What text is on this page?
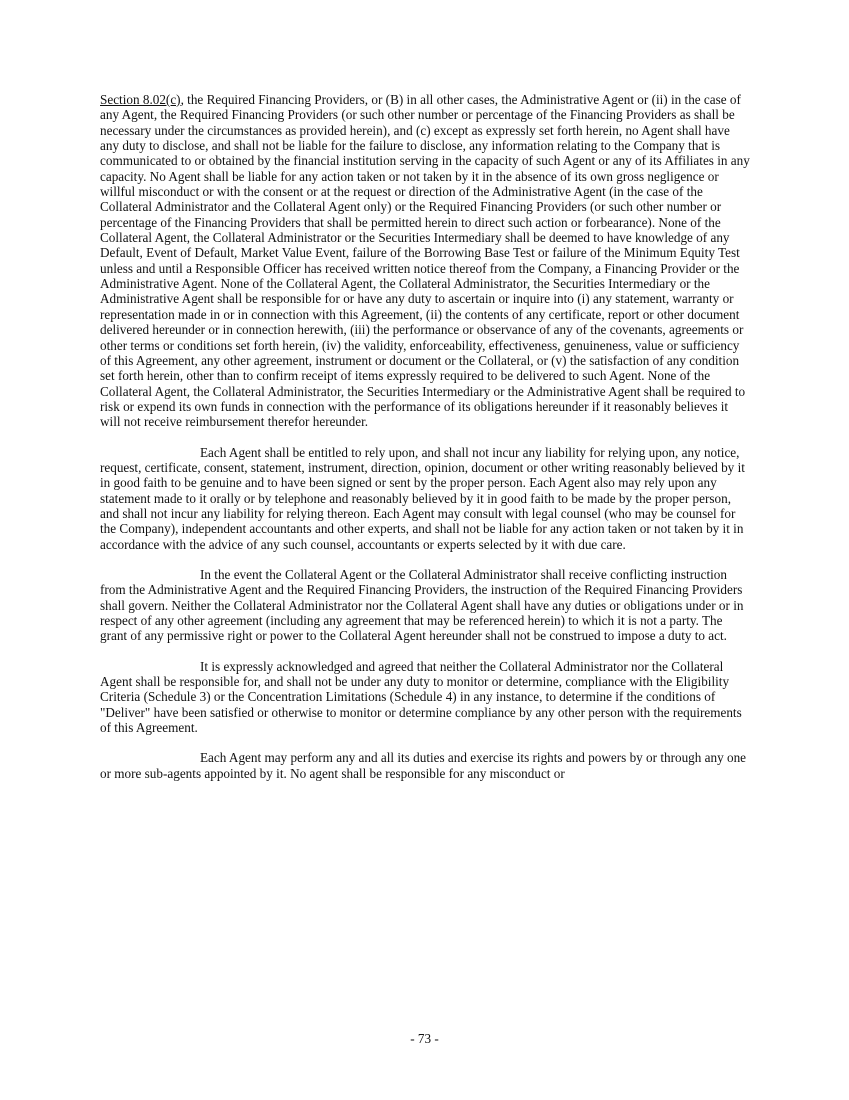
Section 8.02(c), the Required Financing Providers, or (B) in all other cases, the Administrative Agent or (ii) in the case of any Agent, the Required Financing Providers (or such other number or percentage of the Financing Providers as shall be necessary under the circumstances as provided herein), and (c) except as expressly set forth herein, no Agent shall have any duty to disclose, and shall not be liable for the failure to disclose, any information relating to the Company that is communicated to or obtained by the financial institution serving in the capacity of such Agent or any of its Affiliates in any capacity. No Agent shall be liable for any action taken or not taken by it in the absence of its own gross negligence or willful misconduct or with the consent or at the request or direction of the Administrative Agent (in the case of the Collateral Administrator and the Collateral Agent only) or the Required Financing Providers (or such other number or percentage of the Financing Providers that shall be permitted herein to direct such action or forbearance). None of the Collateral Agent, the Collateral Administrator or the Securities Intermediary shall be deemed to have knowledge of any Default, Event of Default, Market Value Event, failure of the Borrowing Base Test or failure of the Minimum Equity Test unless and until a Responsible Officer has received written notice thereof from the Company, a Financing Provider or the Administrative Agent. None of the Collateral Agent, the Collateral Administrator, the Securities Intermediary or the Administrative Agent shall be responsible for or have any duty to ascertain or inquire into (i) any statement, warranty or representation made in or in connection with this Agreement, (ii) the contents of any certificate, report or other document delivered hereunder or in connection herewith, (iii) the performance or observance of any of the covenants, agreements or other terms or conditions set forth herein, (iv) the validity, enforceability, effectiveness, genuineness, value or sufficiency of this Agreement, any other agreement, instrument or document or the Collateral, or (v) the satisfaction of any condition set forth herein, other than to confirm receipt of items expressly required to be delivered to such Agent. None of the Collateral Agent, the Collateral Administrator, the Securities Intermediary or the Administrative Agent shall be required to risk or expend its own funds in connection with the performance of its obligations hereunder if it reasonably believes it will not receive reimbursement therefor hereunder.

Each Agent shall be entitled to rely upon, and shall not incur any liability for relying upon, any notice, request, certificate, consent, statement, instrument, direction, opinion, document or other writing reasonably believed by it in good faith to be genuine and to have been signed or sent by the proper person. Each Agent also may rely upon any statement made to it orally or by telephone and reasonably believed by it in good faith to be made by the proper person, and shall not incur any liability for relying thereon. Each Agent may consult with legal counsel (who may be counsel for the Company), independent accountants and other experts, and shall not be liable for any action taken or not taken by it in accordance with the advice of any such counsel, accountants or experts selected by it with due care.

In the event the Collateral Agent or the Collateral Administrator shall receive conflicting instruction from the Administrative Agent and the Required Financing Providers, the instruction of the Required Financing Providers shall govern. Neither the Collateral Administrator nor the Collateral Agent shall have any duties or obligations under or in respect of any other agreement (including any agreement that may be referenced herein) to which it is not a party. The grant of any permissive right or power to the Collateral Agent hereunder shall not be construed to impose a duty to act.

It is expressly acknowledged and agreed that neither the Collateral Administrator nor the Collateral Agent shall be responsible for, and shall not be under any duty to monitor or determine, compliance with the Eligibility Criteria (Schedule 3) or the Concentration Limitations (Schedule 4) in any instance, to determine if the conditions of "Deliver" have been satisfied or otherwise to monitor or determine compliance by any other person with the requirements of this Agreement.

Each Agent may perform any and all its duties and exercise its rights and powers by or through any one or more sub-agents appointed by it. No agent shall be responsible for any misconduct or

- 73 -
